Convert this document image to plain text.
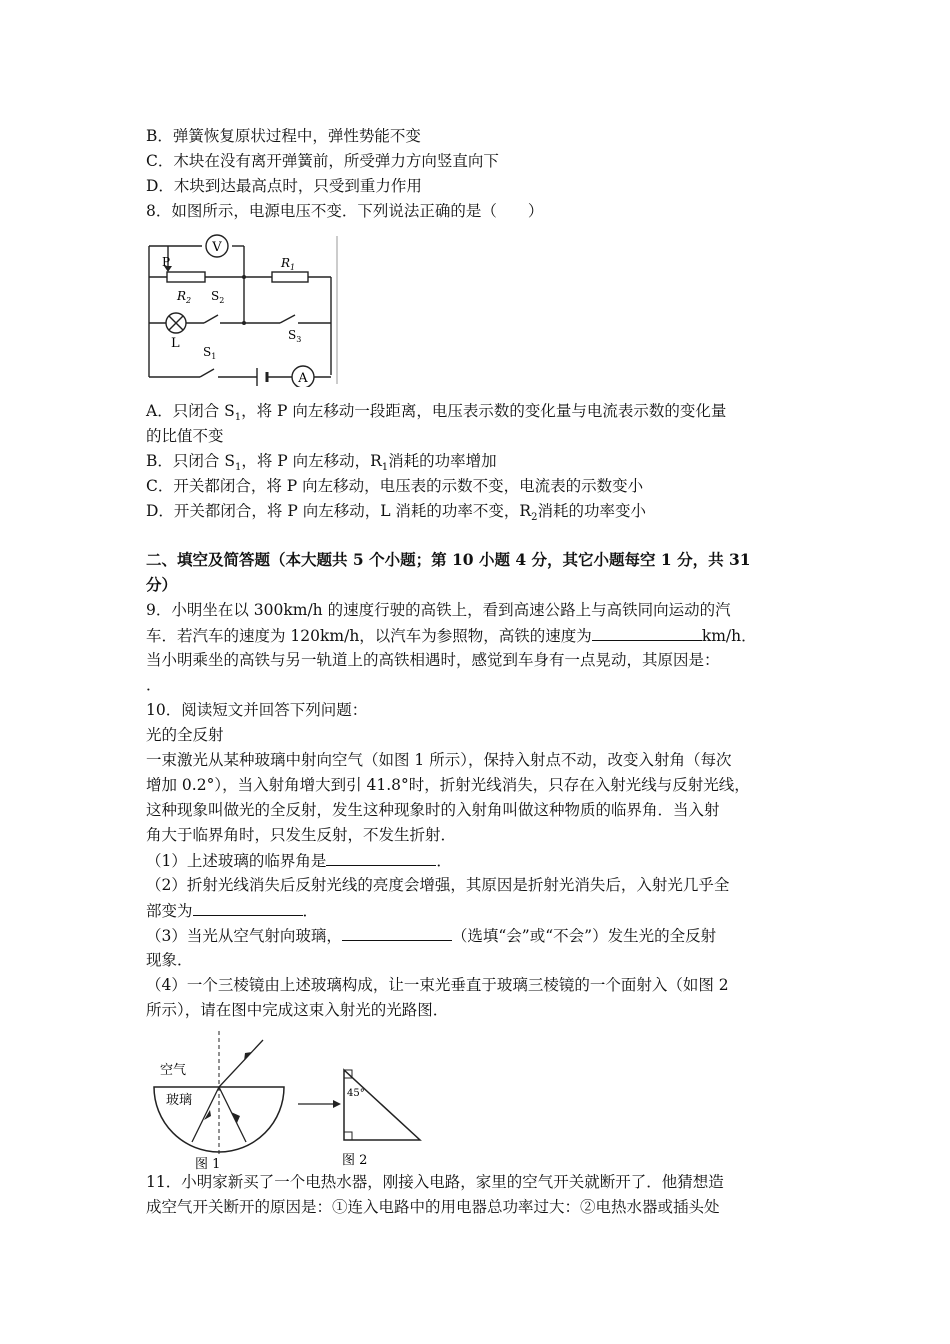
B．弹簧恢复原状过程中，弹性势能不变
C．木块在没有离开弹簧前，所受弹力方向竖直向下
D．木块到达最高点时，只受到重力作用
8．如图所示，电源电压不变．下列说法正确的是（　　）
V
A
P
$R_2$ $S_2$
$R_1$
$S_3$
L
$S_1$
A．只闭合 $S_1$，将 P 向左移动一段距离，电压表示数的变化量与电流表示数的变化量
的比值不变
B．只闭合 $S_1$，将 P 向左移动，$R_1$消耗的功率增加
C．开关都闭合，将 P 向左移动，电压表的示数不变，电流表的示数变小
D．开关都闭合，将 P 向左移动，L 消耗的功率不变，$R_2$消耗的功率变小
二、填空及简答题（本大题共 5 个小题；第 10 小题 4 分，其它小题每空 1 分，共 31
分）
9．小明坐在以 300km/h 的速度行驶的高铁上，看到高速公路上与高铁同向运动的汽
车．若汽车的速度为 120km/h，以汽车为参照物，高铁的速度为	km/h．
当小明乘坐的高铁与另一轨道上的高铁相遇时，感觉到车身有一点晃动，其原因是：
．
10．阅读短文并回答下列问题：
光的全反射
一束激光从某种玻璃中射向空气（如图 1 所示），保持入射点不动，改变入射角（每次
增加 0.2°），当入射角增大到引 41.8°时，折射光线消失，只存在入射光线与反射光线，
这种现象叫做光的全反射，发生这种现象时的入射角叫做这种物质的临界角．当入射
角大于临界角时，只发生反射，不发生折射．
（1）上述玻璃的临界角是	．
（2）折射光线消失后反射光线的亮度会增强，其原因是折射光消失后，入射光几乎全
部变为	．
（3）当光从空气射向玻璃，	（选填“会”或“不会”）发生光的全反射
现象．
（4）一个三棱镜由上述玻璃构成，让一束光垂直于玻璃三棱镜的一个面射入（如图 2
所示），请在图中完成这束入射光的光路图．
空气
玻璃
图 1
45°
图 2
11．小明家新买了一个电热水器，刚接入电路，家里的空气开关就断开了．他猜想造
成空气开关断开的原因是：①连入电路中的用电器总功率过大：②电热水器或插头处
